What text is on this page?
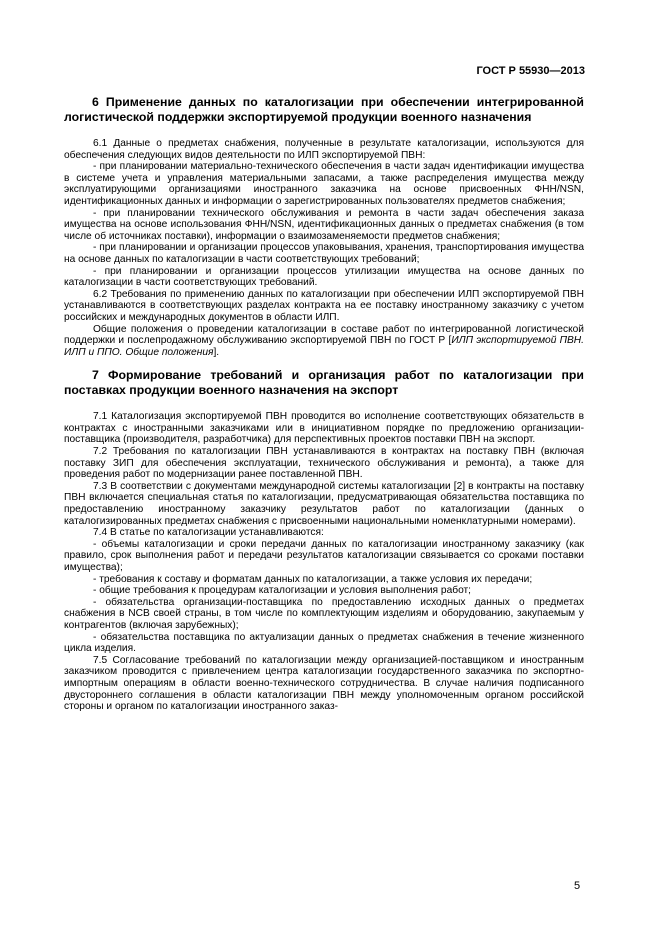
ГОСТ Р 55930—2013
6 Применение данных по каталогизации при обеспечении интегрированной логистической поддержки экспортируемой продукции военного назначения

6.1 Данные о предметах снабжения, полученные в результате каталогизации, используются для обеспечения следующих видов деятельности по ИЛП экспортируемой ПВН:

- при планировании материально-технического обеспечения в части задач идентификации имущества в системе учета и управления материальными запасами, а также распределения имущества между эксплуатирующими организациями иностранного заказчика на основе присвоенных ФНН/NSN, идентификационных данных и информации о зарегистрированных пользователях предметов снабжения;

- при планировании технического обслуживания и ремонта в части задач обеспечения заказа имущества на основе использования ФНН/NSN, идентификационных данных о предметах снабжения (в том числе об источниках поставки), информации о взаимозаменяемости предметов снабжения;

- при планировании и организации процессов упаковывания, хранения, транспортирования имущества на основе данных по каталогизации в части соответствующих требований;

- при планировании и организации процессов утилизации имущества на основе данных по каталогизации в части соответствующих требований.

6.2 Требования по применению данных по каталогизации при обеспечении ИЛП экспортируемой ПВН устанавливаются в соответствующих разделах контракта на ее поставку иностранному заказчику с учетом российских и международных документов в области ИЛП.

Общие положения о проведении каталогизации в составе работ по интегрированной логистической поддержки и послепродажному обслуживанию экспортируемой ПВН по ГОСТ Р [ИЛП экспортируемой ПВН. ИЛП и ППО. Общие положения].

7 Формирование требований и организация работ по каталогизации при поставках продукции военного назначения на экспорт

7.1 Каталогизация экспортируемой ПВН проводится во исполнение соответствующих обязательств в контрактах с иностранными заказчиками или в инициативном порядке по предложению организации-поставщика (производителя, разработчика) для перспективных проектов поставки ПВН на экспорт.

7.2 Требования по каталогизации ПВН устанавливаются в контрактах на поставку ПВН (включая поставку ЗИП для обеспечения эксплуатации, технического обслуживания и ремонта), а также для проведения работ по модернизации ранее поставленной ПВН.

7.3 В соответствии с документами международной системы каталогизации [2] в контракты на поставку ПВН включается специальная статья по каталогизации, предусматривающая обязательства поставщика по предоставлению иностранному заказчику результатов работ по каталогизации (данных о каталогизированных предметах снабжения с присвоенными национальными номенклатурными номерами).

7.4 В статье по каталогизации устанавливаются:

- объемы каталогизации и сроки передачи данных по каталогизации иностранному заказчику (как правило, срок выполнения работ и передачи результатов каталогизации связывается со сроками поставки имущества);

- требования к составу и форматам данных по каталогизации, а также условия их передачи;

- общие требования к процедурам каталогизации и условия выполнения работ;

- обязательства организации-поставщика по предоставлению исходных данных о предметах снабжения в NCB своей страны, в том числе по комплектующим изделиям и оборудованию, закупаемым у контрагентов (включая зарубежных);

- обязательства поставщика по актуализации данных о предметах снабжения в течение жизненного цикла изделия.

7.5 Согласование требований по каталогизации между организацией-поставщиком и иностранным заказчиком проводится с привлечением центра каталогизации государственного заказчика по экспортно-импортным операциям в области военно-технического сотрудничества. В случае наличия подписанного двустороннего соглашения в области каталогизации ПВН между уполномоченным органом российской стороны и органом по каталогизации иностранного заказ-

5
